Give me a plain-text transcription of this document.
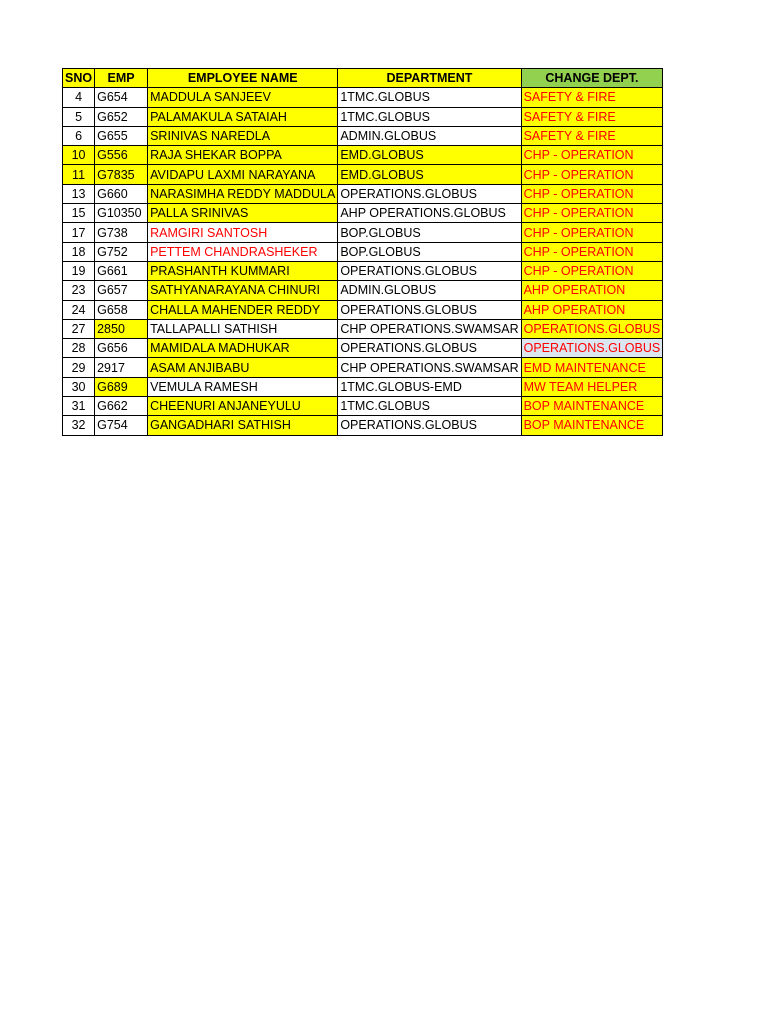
SNO	EMP	EMPLOYEE NAME	DEPARTMENT	CHANGE DEPT.
4	G654	MADDULA SANJEEV	1TMC.GLOBUS	SAFETY & FIRE
5	G652	PALAMAKULA SATAIAH	1TMC.GLOBUS	SAFETY & FIRE
6	G655	SRINIVAS NAREDLA	ADMIN.GLOBUS	SAFETY & FIRE
10	G556	RAJA SHEKAR BOPPA	EMD.GLOBUS	CHP - OPERATION
11	G7835	AVIDAPU LAXMI NARAYANA	EMD.GLOBUS	CHP - OPERATION
13	G660	NARASIMHA REDDY MADDULA	OPERATIONS.GLOBUS	CHP - OPERATION
15	G10350	PALLA SRINIVAS	AHP OPERATIONS.GLOBUS	CHP - OPERATION
17	G738	RAMGIRI SANTOSH	BOP.GLOBUS	CHP - OPERATION
18	G752	PETTEM CHANDRASHEKER	BOP.GLOBUS	CHP - OPERATION
19	G661	PRASHANTH KUMMARI	OPERATIONS.GLOBUS	CHP - OPERATION
23	G657	SATHYANARAYANA CHINURI	ADMIN.GLOBUS	AHP OPERATION
24	G658	CHALLA MAHENDER REDDY	OPERATIONS.GLOBUS	AHP OPERATION
27	2850	TALLAPALLI SATHISH	CHP OPERATIONS.SWAMSAR	OPERATIONS.GLOBUS
28	G656	MAMIDALA MADHUKAR	OPERATIONS.GLOBUS	OPERATIONS.GLOBUS
29	2917	ASAM ANJIBABU	CHP OPERATIONS.SWAMSAR	EMD MAINTENANCE
30	G689	VEMULA RAMESH	1TMC.GLOBUS-EMD	MW TEAM HELPER
31	G662	CHEENURI ANJANEYULU	1TMC.GLOBUS	BOP MAINTENANCE
32	G754	GANGADHARI SATHISH	OPERATIONS.GLOBUS	BOP MAINTENANCE
